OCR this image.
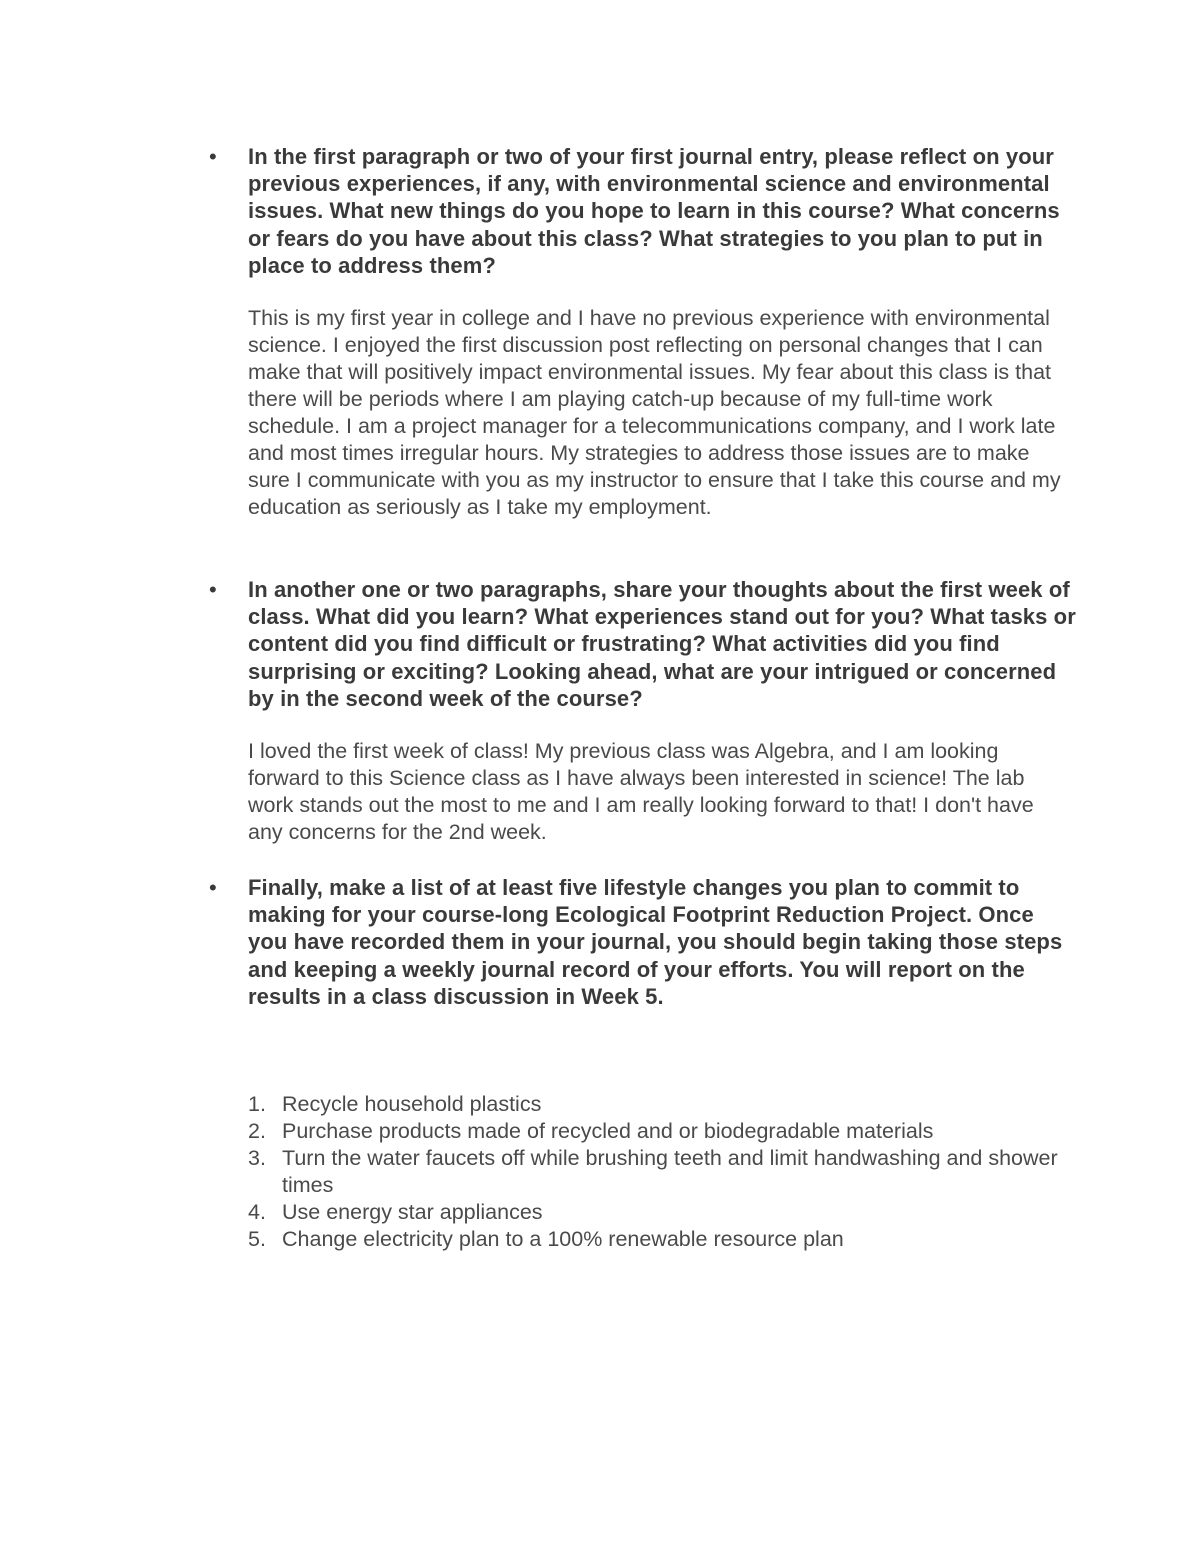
• In the first paragraph or two of your first journal entry, please reflect on your previous experiences, if any, with environmental science and environmental issues. What new things do you hope to learn in this course? What concerns or fears do you have about this class? What strategies to you plan to put in place to address them?

This is my first year in college and I have no previous experience with environmental science. I enjoyed the first discussion post reflecting on personal changes that I can make that will positively impact environmental issues. My fear about this class is that there will be periods where I am playing catch-up because of my full-time work schedule. I am a project manager for a telecommunications company, and I work late and most times irregular hours. My strategies to address those issues are to make sure I communicate with you as my instructor to ensure that I take this course and my education as seriously as I take my employment.

• In another one or two paragraphs, share your thoughts about the first week of class. What did you learn? What experiences stand out for you? What tasks or content did you find difficult or frustrating? What activities did you find surprising or exciting? Looking ahead, what are your intrigued or concerned by in the second week of the course?

I loved the first week of class! My previous class was Algebra, and I am looking forward to this Science class as I have always been interested in science! The lab work stands out the most to me and I am really looking forward to that! I don't have any concerns for the 2nd week.

• Finally, make a list of at least five lifestyle changes you plan to commit to making for your course-long Ecological Footprint Reduction Project. Once you have recorded them in your journal, you should begin taking those steps and keeping a weekly journal record of your efforts. You will report on the results in a class discussion in Week 5.

1. Recycle household plastics
2. Purchase products made of recycled and or biodegradable materials
3. Turn the water faucets off while brushing teeth and limit handwashing and shower times
4. Use energy star appliances
5. Change electricity plan to a 100% renewable resource plan
